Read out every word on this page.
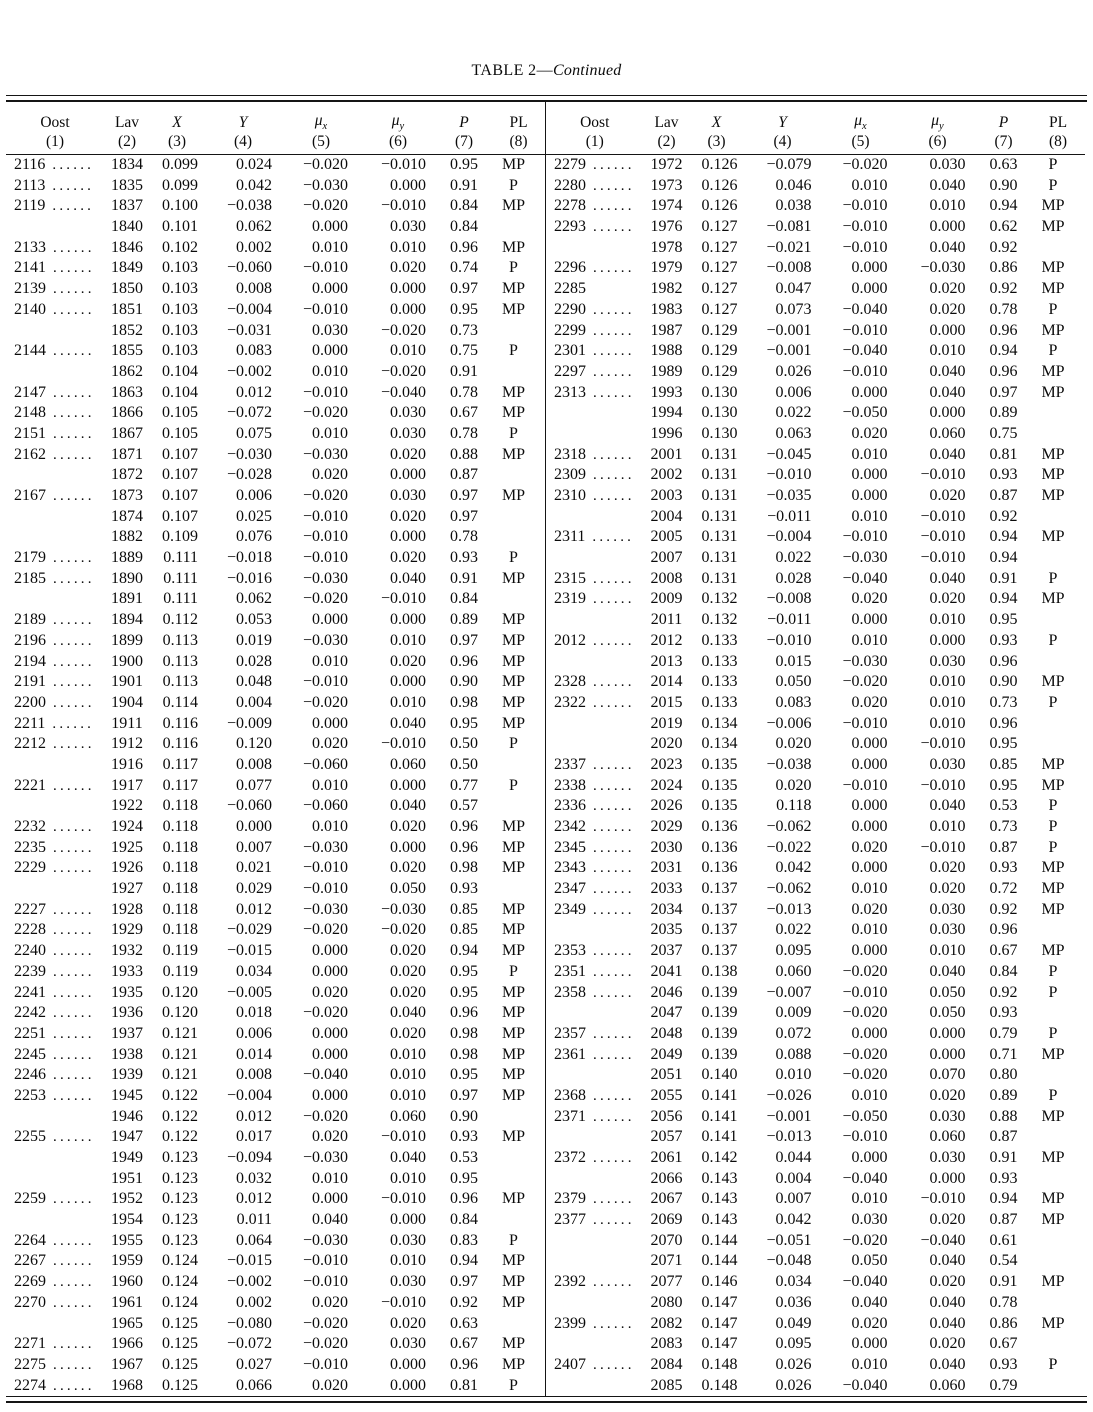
TABLE 2—Continued
Oost	Lav	X	Y	$\mu_x$	$\mu_y$	P	PL
(1)	(2)	(3)	(4)	(5)	(6)	(7)	(8)
2116 ......	1834	0.099	0.024	−0.020	−0.010	0.95	MP
2113 ......	1835	0.099	0.042	−0.030	0.000	0.91	P
2119 ......	1837	0.100	−0.038	−0.020	−0.010	0.84	MP
	1840	0.101	0.062	0.000	0.030	0.84	
2133 ......	1846	0.102	0.002	0.010	0.010	0.96	MP
2141 ......	1849	0.103	−0.060	−0.010	0.020	0.74	P
2139 ......	1850	0.103	0.008	0.000	0.000	0.97	MP
2140 ......	1851	0.103	−0.004	−0.010	0.000	0.95	MP
	1852	0.103	−0.031	0.030	−0.020	0.73	
2144 ......	1855	0.103	0.083	0.000	0.010	0.75	P
	1862	0.104	−0.002	0.010	−0.020	0.91	
2147 ......	1863	0.104	0.012	−0.010	−0.040	0.78	MP
2148 ......	1866	0.105	−0.072	−0.020	0.030	0.67	MP
2151 ......	1867	0.105	0.075	0.010	0.030	0.78	P
2162 ......	1871	0.107	−0.030	−0.030	0.020	0.88	MP
	1872	0.107	−0.028	0.020	0.000	0.87	
2167 ......	1873	0.107	0.006	−0.020	0.030	0.97	MP
	1874	0.107	0.025	−0.010	0.020	0.97	
	1882	0.109	0.076	−0.010	0.000	0.78	
2179 ......	1889	0.111	−0.018	−0.010	0.020	0.93	P
2185 ......	1890	0.111	−0.016	−0.030	0.040	0.91	MP
	1891	0.111	0.062	−0.020	−0.010	0.84	
2189 ......	1894	0.112	0.053	0.000	0.000	0.89	MP
2196 ......	1899	0.113	0.019	−0.030	0.010	0.97	MP
2194 ......	1900	0.113	0.028	0.010	0.020	0.96	MP
2191 ......	1901	0.113	0.048	−0.010	0.000	0.90	MP
2200 ......	1904	0.114	0.004	−0.020	0.010	0.98	MP
2211 ......	1911	0.116	−0.009	0.000	0.040	0.95	MP
2212 ......	1912	0.116	0.120	0.020	−0.010	0.50	P
	1916	0.117	0.008	−0.060	0.060	0.50	
2221 ......	1917	0.117	0.077	0.010	0.000	0.77	P
	1922	0.118	−0.060	−0.060	0.040	0.57	
2232 ......	1924	0.118	0.000	0.010	0.020	0.96	MP
2235 ......	1925	0.118	0.007	−0.030	0.000	0.96	MP
2229 ......	1926	0.118	0.021	−0.010	0.020	0.98	MP
	1927	0.118	0.029	−0.010	0.050	0.93	
2227 ......	1928	0.118	0.012	−0.030	−0.030	0.85	MP
2228 ......	1929	0.118	−0.029	−0.020	−0.020	0.85	MP
2240 ......	1932	0.119	−0.015	0.000	0.020	0.94	MP
2239 ......	1933	0.119	0.034	0.000	0.020	0.95	P
2241 ......	1935	0.120	−0.005	0.020	0.020	0.95	MP
2242 ......	1936	0.120	0.018	−0.020	0.040	0.96	MP
2251 ......	1937	0.121	0.006	0.000	0.020	0.98	MP
2245 ......	1938	0.121	0.014	0.000	0.010	0.98	MP
2246 ......	1939	0.121	0.008	−0.040	0.010	0.95	MP
2253 ......	1945	0.122	−0.004	0.000	0.010	0.97	MP
	1946	0.122	0.012	−0.020	0.060	0.90	
2255 ......	1947	0.122	0.017	0.020	−0.010	0.93	MP
	1949	0.123	−0.094	−0.030	0.040	0.53	
	1951	0.123	0.032	0.010	0.010	0.95	
2259 ......	1952	0.123	0.012	0.000	−0.010	0.96	MP
	1954	0.123	0.011	0.040	0.000	0.84	
2264 ......	1955	0.123	0.064	−0.030	0.030	0.83	P
2267 ......	1959	0.124	−0.015	−0.010	0.010	0.94	MP
2269 ......	1960	0.124	−0.002	−0.010	0.030	0.97	MP
2270 ......	1961	0.124	0.002	0.020	−0.010	0.92	MP
	1965	0.125	−0.080	−0.020	0.020	0.63	
2271 ......	1966	0.125	−0.072	−0.020	0.030	0.67	MP
2275 ......	1967	0.125	0.027	−0.010	0.000	0.96	MP
2274 ......	1968	0.125	0.066	0.020	0.000	0.81	P
Oost	Lav	X	Y	$\mu_x$	$\mu_y$	P	PL
(1)	(2)	(3)	(4)	(5)	(6)	(7)	(8)
2279 ......	1972	0.126	−0.079	−0.020	0.030	0.63	P
2280 ......	1973	0.126	0.046	0.010	0.040	0.90	P
2278 ......	1974	0.126	0.038	−0.010	0.010	0.94	MP
2293 ......	1976	0.127	−0.081	−0.010	0.000	0.62	MP
	1978	0.127	−0.021	−0.010	0.040	0.92	
2296 ......	1979	0.127	−0.008	0.000	−0.030	0.86	MP
2285	1982	0.127	0.047	0.000	0.020	0.92	MP
2290 ......	1983	0.127	0.073	−0.040	0.020	0.78	P
2299 ......	1987	0.129	−0.001	−0.010	0.000	0.96	MP
2301 ......	1988	0.129	−0.001	−0.040	0.010	0.94	P
2297 ......	1989	0.129	0.026	−0.010	0.040	0.96	MP
2313 ......	1993	0.130	0.006	0.000	0.040	0.97	MP
	1994	0.130	0.022	−0.050	0.000	0.89	
	1996	0.130	0.063	0.020	0.060	0.75	
2318 ......	2001	0.131	−0.045	0.010	0.040	0.81	MP
2309 ......	2002	0.131	−0.010	0.000	−0.010	0.93	MP
2310 ......	2003	0.131	−0.035	0.000	0.020	0.87	MP
	2004	0.131	−0.011	0.010	−0.010	0.92	
2311 ......	2005	0.131	−0.004	−0.010	−0.010	0.94	MP
	2007	0.131	0.022	−0.030	−0.010	0.94	
2315 ......	2008	0.131	0.028	−0.040	0.040	0.91	P
2319 ......	2009	0.132	−0.008	0.020	0.020	0.94	MP
	2011	0.132	−0.011	0.000	0.010	0.95	
2012 ......	2012	0.133	−0.010	0.010	0.000	0.93	P
	2013	0.133	0.015	−0.030	0.030	0.96	
2328 ......	2014	0.133	0.050	−0.020	0.010	0.90	MP
2322 ......	2015	0.133	0.083	0.020	0.010	0.73	P
	2019	0.134	−0.006	−0.010	0.010	0.96	
	2020	0.134	0.020	0.000	−0.010	0.95	
2337 ......	2023	0.135	−0.038	0.000	0.030	0.85	MP
2338 ......	2024	0.135	0.020	−0.010	−0.010	0.95	MP
2336 ......	2026	0.135	0.118	0.000	0.040	0.53	P
2342 ......	2029	0.136	−0.062	0.000	0.010	0.73	P
2345 ......	2030	0.136	−0.022	0.020	−0.010	0.87	P
2343 ......	2031	0.136	0.042	0.000	0.020	0.93	MP
2347 ......	2033	0.137	−0.062	0.010	0.020	0.72	MP
2349 ......	2034	0.137	−0.013	0.020	0.030	0.92	MP
	2035	0.137	0.022	0.010	0.030	0.96	
2353 ......	2037	0.137	0.095	0.000	0.010	0.67	MP
2351 ......	2041	0.138	0.060	−0.020	0.040	0.84	P
2358 ......	2046	0.139	−0.007	−0.010	0.050	0.92	P
	2047	0.139	0.009	−0.020	0.050	0.93	
2357 ......	2048	0.139	0.072	0.000	0.000	0.79	P
2361 ......	2049	0.139	0.088	−0.020	0.000	0.71	MP
	2051	0.140	0.010	−0.020	0.070	0.80	
2368 ......	2055	0.141	−0.026	0.010	0.020	0.89	P
2371 ......	2056	0.141	−0.001	−0.050	0.030	0.88	MP
	2057	0.141	−0.013	−0.010	0.060	0.87	
2372 ......	2061	0.142	0.044	0.000	0.030	0.91	MP
	2066	0.143	0.004	−0.040	0.000	0.93	
2379 ......	2067	0.143	0.007	0.010	−0.010	0.94	MP
2377 ......	2069	0.143	0.042	0.030	0.020	0.87	MP
	2070	0.144	−0.051	−0.020	−0.040	0.61	
	2071	0.144	−0.048	0.050	0.040	0.54	
2392 ......	2077	0.146	0.034	−0.040	0.020	0.91	MP
	2080	0.147	0.036	0.040	0.040	0.78	
2399 ......	2082	0.147	0.049	0.020	0.040	0.86	MP
	2083	0.147	0.095	0.000	0.020	0.67	
2407 ......	2084	0.148	0.026	0.010	0.040	0.93	P
	2085	0.148	0.026	−0.040	0.060	0.79	
